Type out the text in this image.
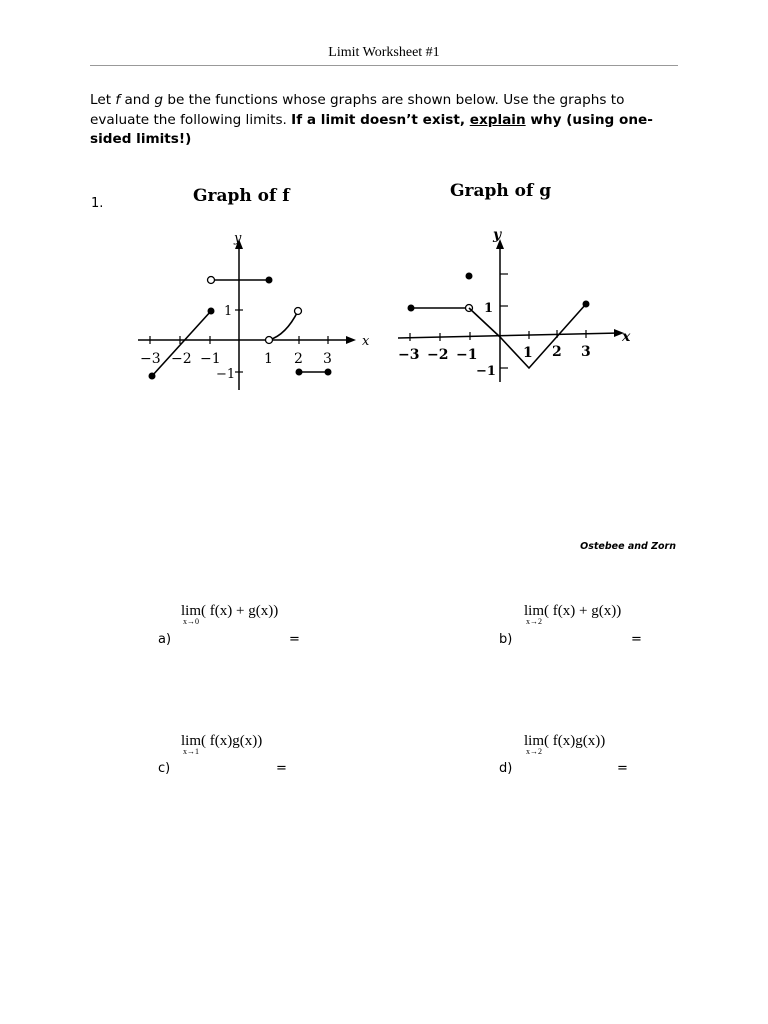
Limit Worksheet #1
Let f and g be the functions whose graphs are shown below. Use the graphs to evaluate the following limits. If a limit doesn’t exist, explain why (using one-sided limits!)
1.	Graph of f
y
x
−3 −2 −1	1 2 3
1
−1
Graph of g
y
x
−3 −2 −1	1 2 3
1
−1
Ostebee and Zorn
lim( f(x) + g(x))
x→0
a)	=
lim( f(x) + g(x))
x→2
b)	=
lim( f(x)g(x))
x→1
c)	=
lim( f(x)g(x))
x→2
d)	=
